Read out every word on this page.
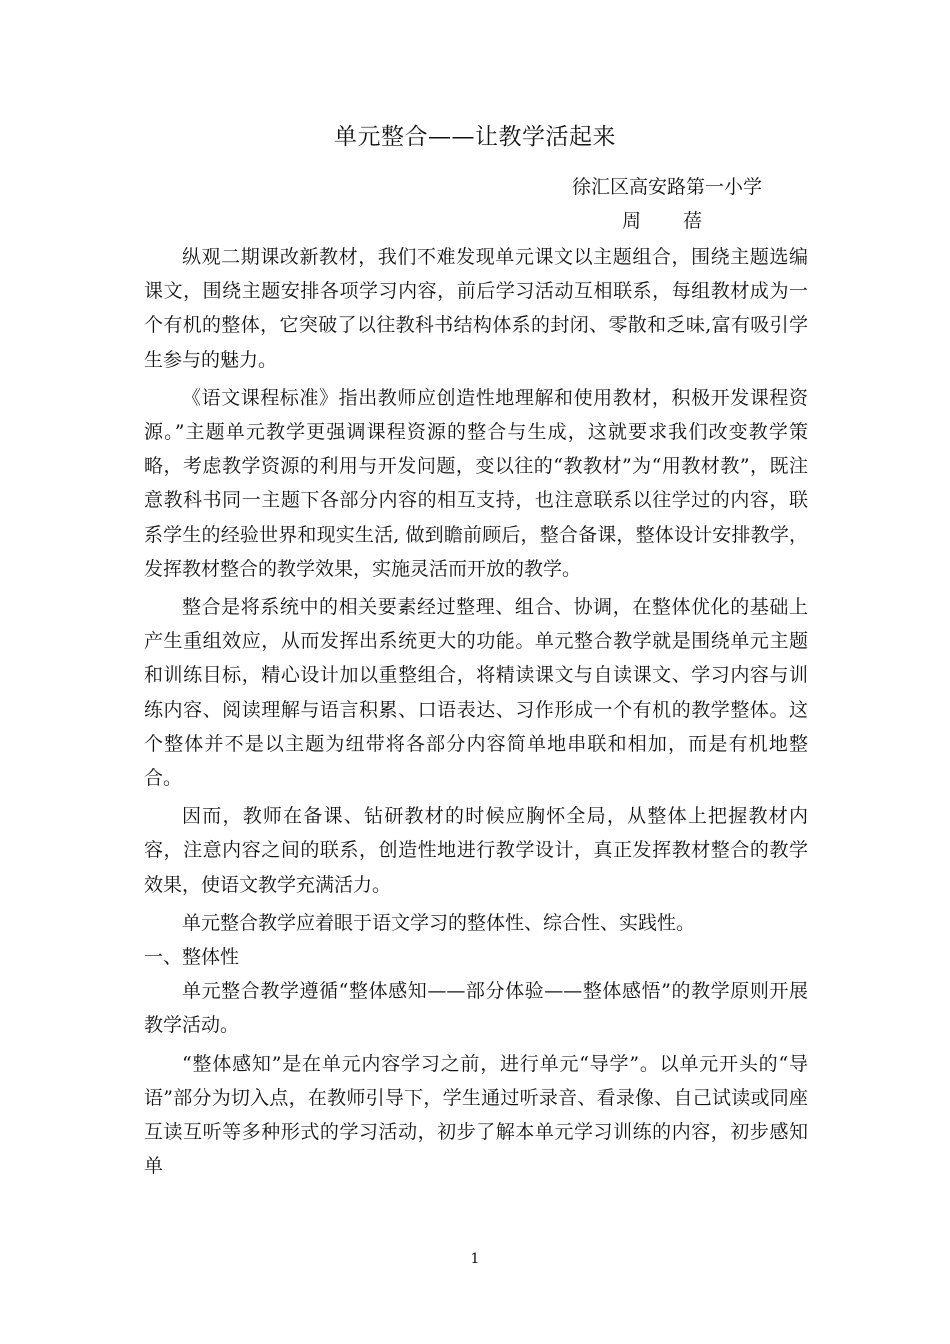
单元整合——让教学活起来
徐汇区高安路第一小学
周蓓

纵观二期课改新教材，我们不难发现单元课文以主题组合，围绕主题选编课文，围绕主题安排各项学习内容，前后学习活动互相联系，每组教材成为一个有机的整体，它突破了以往教科书结构体系的封闭、零散和乏味,富有吸引学生参与的魅力。

《语文课程标准》指出教师应创造性地理解和使用教材，积极开发课程资源。”主题单元教学更强调课程资源的整合与生成，这就要求我们改变教学策略，考虑教学资源的利用与开发问题，变以往的“教教材”为“用教材教”，既注意教科书同一主题下各部分内容的相互支持，也注意联系以往学过的内容，联系学生的经验世界和现实生活, 做到瞻前顾后，整合备课，整体设计安排教学，发挥教材整合的教学效果，实施灵活而开放的教学。

整合是将系统中的相关要素经过整理、组合、协调，在整体优化的基础上产生重组效应，从而发挥出系统更大的功能。单元整合教学就是围绕单元主题和训练目标，精心设计加以重整组合，将精读课文与自读课文、学习内容与训练内容、阅读理解与语言积累、口语表达、习作形成一个有机的教学整体。这个整体并不是以主题为纽带将各部分内容简单地串联和相加，而是有机地整合。

因而，教师在备课、钻研教材的时候应胸怀全局，从整体上把握教材内容，注意内容之间的联系，创造性地进行教学设计，真正发挥教材整合的教学效果，使语文教学充满活力。

单元整合教学应着眼于语文学习的整体性、综合性、实践性。

一、整体性

单元整合教学遵循“整体感知——部分体验——整体感悟”的教学原则开展教学活动。

“整体感知”是在单元内容学习之前，进行单元“导学”。以单元开头的“导语”部分为切入点，在教师引导下，学生通过听录音、看录像、自己试读或同座互读互听等多种形式的学习活动，初步了解本单元学习训练的内容，初步感知单

1
